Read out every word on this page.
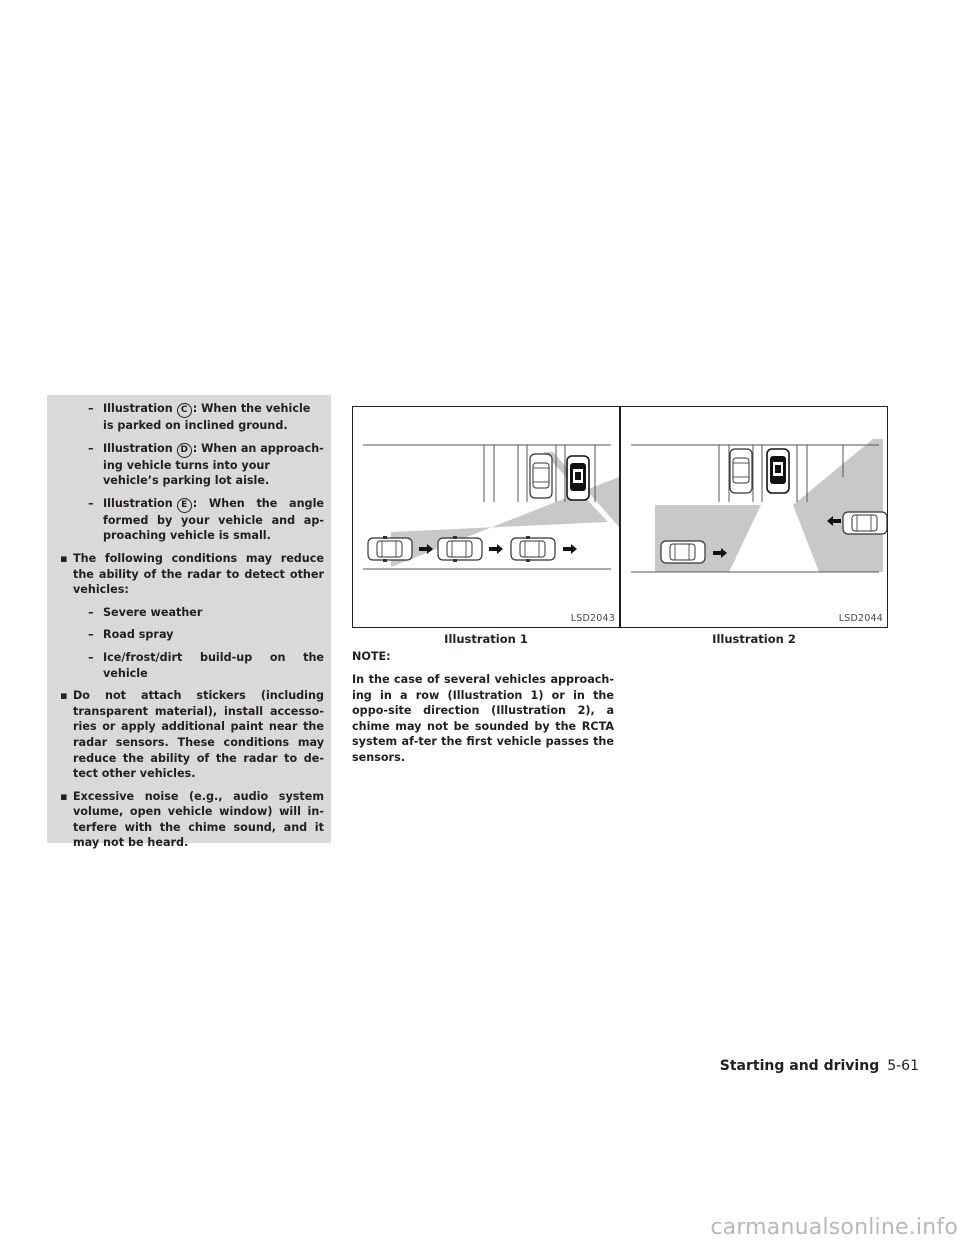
– Illustration C : When the vehicle is parked on inclined ground.
– Illustration D : When an approach-ing vehicle turns into your vehicle’s parking lot aisle.
– Illustration E : When the angle formed by your vehicle and ap-proaching vehicle is small.
▪ The following conditions may reduce the ability of the radar to detect other vehicles:
– Severe weather
– Road spray
– Ice/frost/dirt build-up on the vehicle
▪ Do not attach stickers (including transparent material), install accesso-ries or apply additional paint near the radar sensors. These conditions may reduce the ability of the radar to de-tect other vehicles.
▪ Excessive noise (e.g., audio system volume, open vehicle window) will in-terfere with the chime sound, and it may not be heard.
LSD2043
Illustration 1
LSD2044
Illustration 2
NOTE:
In the case of several vehicles approach-ing in a row (Illustration 1) or in the oppo-site direction (Illustration 2), a chime may not be sounded by the RCTA system af-ter the first vehicle passes the sensors.
Starting and driving 5-61
carmanualsonline.info
